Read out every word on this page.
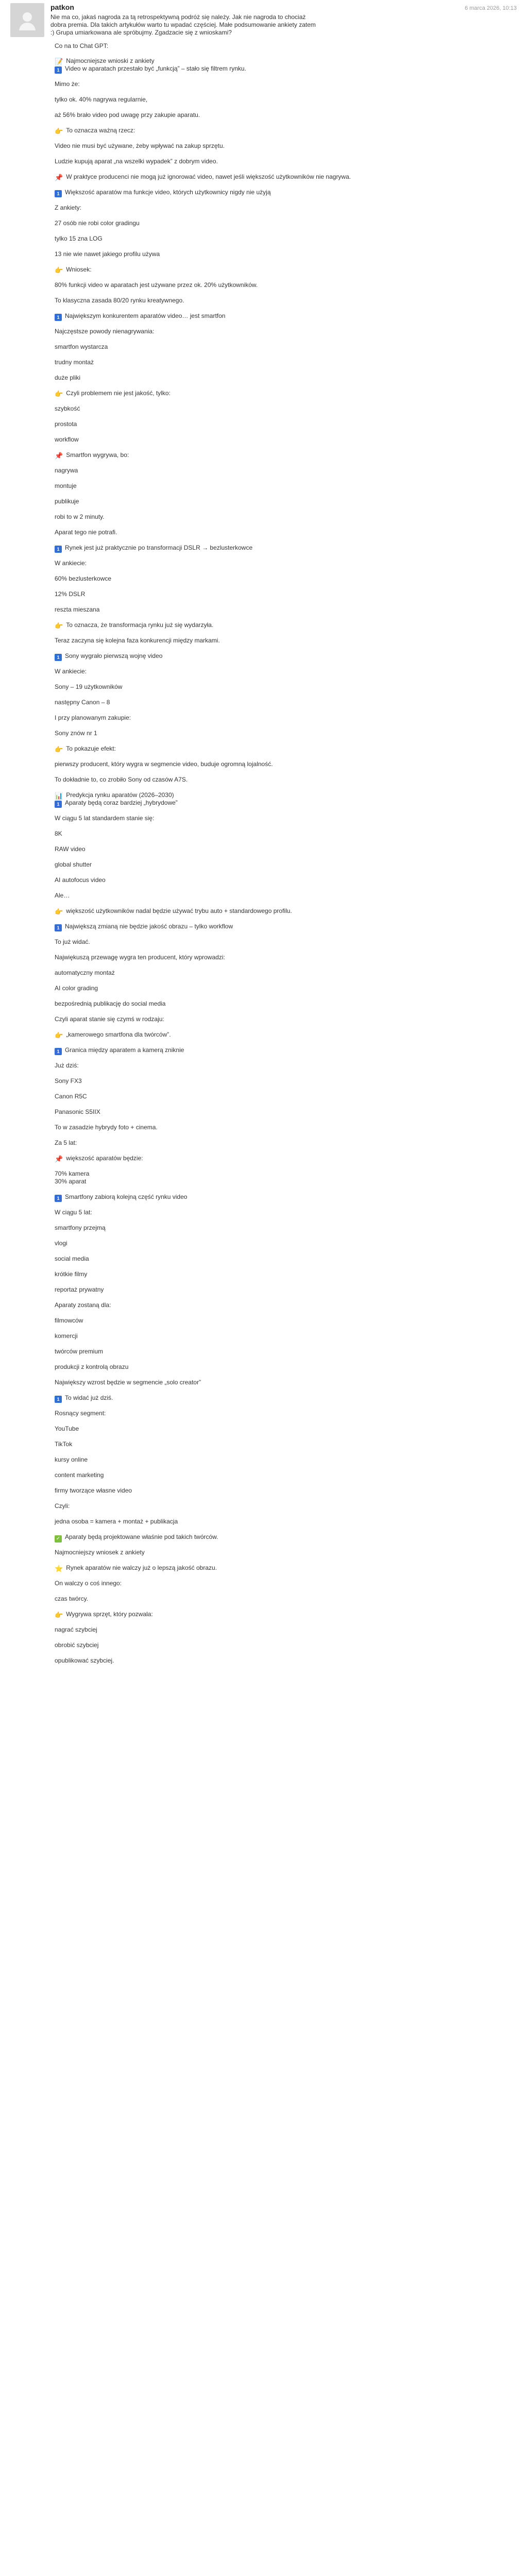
patkon	6 marca 2026, 10:13
Nie ma co, jakaś nagroda za tą retrospektywną podróż się należy. Jak nie nagroda to chociaż
dobra premia. Dla takich artykułów warto tu wpadać częściej. Małe podsumowanie ankiety zatem
:) Grupa umiarkowana ale spróbujmy. Zgadzacie się z wnioskami?
Co na to Chat GPT:
📝 Najmocniejsze wnioski z ankiety
1 Video w aparatach przestało być „funkcją” – stało się filtrem rynku.
Mimo że:
tylko ok. 40% nagrywa regularnie,
aż 56% brało video pod uwagę przy zakupie aparatu.
👉 To oznacza ważną rzecz:
Video nie musi być używane, żeby wpływać na zakup sprzętu.
Ludzie kupują aparat „na wszelki wypadek” z dobrym video.
📌 W praktyce producenci nie mogą już ignorować video, nawet jeśli większość użytkowników nie nagrywa.
1 Większość aparatów ma funkcje video, których użytkownicy nigdy nie użyją
Z ankiety:
27 osób nie robi color gradingu
tylko 15 zna LOG
13 nie wie nawet jakiego profilu używa
👉 Wniosek:
80% funkcji video w aparatach jest używane przez ok. 20% użytkowników.
To klasyczna zasada 80/20 rynku kreatywnego.
1 Największym konkurentem aparatów video… jest smartfon
Najczęstsze powody nienagrywania:
smartfon wystarcza
trudny montaż
duże pliki
👉 Czyli problemem nie jest jakość, tylko:
szybkość
prostota
workflow
📌 Smartfon wygrywa, bo:
nagrywa
montuje
publikuje
robi to w 2 minuty.
Aparat tego nie potrafi.
1 Rynek jest już praktycznie po transformacji DSLR → bezlusterkowce
W ankiecie:
60% bezlusterkowce
12% DSLR
reszta mieszana
👉 To oznacza, że transformacja rynku już się wydarzyła.
Teraz zaczyna się kolejna faza konkurencji między markami.
1 Sony wygrało pierwszą wojnę video
W ankiecie:
Sony – 19 użytkowników
następny Canon – 8
I przy planowanym zakupie:
Sony znów nr 1
👉 To pokazuje efekt:
pierwszy producent, który wygra w segmencie video, buduje ogromną lojalność.
To dokładnie to, co zrobiło Sony od czasów A7S.
📊 Predykcja rynku aparatów (2026–2030)
1 Aparaty będą coraz bardziej „hybrydowe”
W ciągu 5 lat standardem stanie się:
8K
RAW video
global shutter
AI autofocus video
Ale…
👉 większość użytkowników nadal będzie używać trybu auto + standardowego profilu.
1 Największą zmianą nie będzie jakość obrazu – tylko workflow
To już widać.
Najwiękuszą przewagę wygra ten producent, który wprowadzi:
automatyczny montaż
AI color grading
bezpośrednią publikację do social media
Czyli aparat stanie się czymś w rodzaju:
👉 „kamerowego smartfona dla twórców”.
1 Granica między aparatem a kamerą zniknie
Już dziś:
Sony FX3
Canon R5C
Panasonic S5IIX
To w zasadzie hybrydy foto + cinema.
Za 5 lat:
📌 większość aparatów będzie:
70% kamera
30% aparat
1 Smartfony zabiorą kolejną część rynku video
W ciągu 5 lat:
smartfony przejmą
vlogi
social media
krótkie filmy
reportaż prywatny
Aparaty zostaną dla:
filmowców
komercji
twórców premium
produkcji z kontrolą obrazu
Największy wzrost będzie w segmencie „solo creator”
1 To widać już dziś.
Rosnący segment:
YouTube
TikTok
kursy online
content marketing
firmy tworzące własne video
Czyli:
jedna osoba = kamera + montaż + publikacja
✓ Aparaty będą projektowane właśnie pod takich twórców.
Najmocniejszy wniosek z ankiety
⭐ Rynek aparatów nie walczy już o lepszą jakość obrazu.
On walczy o coś innego:
czas twórcy.
👉 Wygrywa sprzęt, który pozwala:
nagrać szybciej
obrobić szybciej
opublikować szybciej.
